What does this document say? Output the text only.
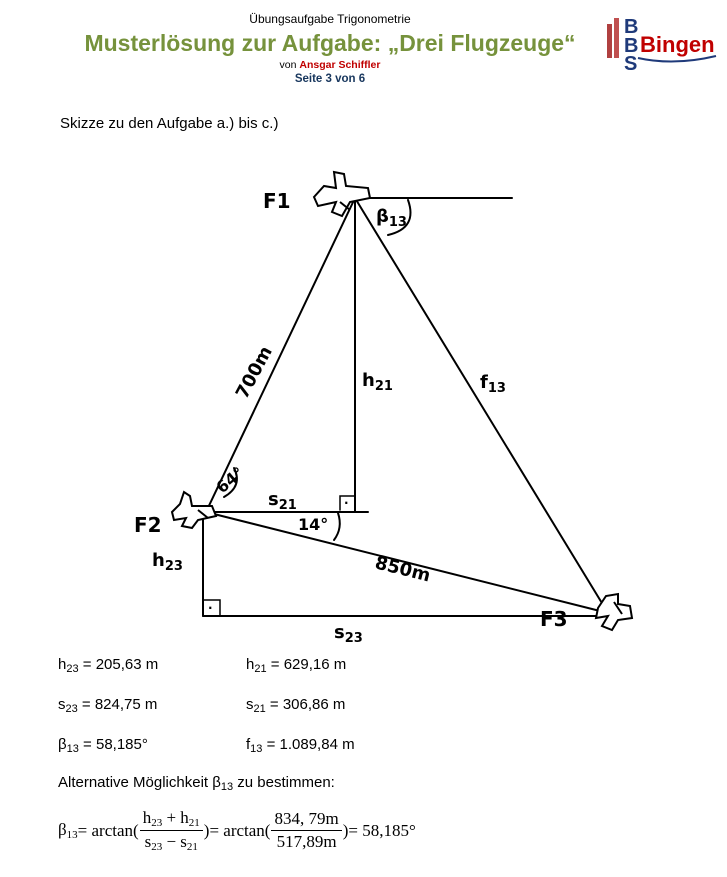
Übungsaufgabe Trigonometrie
Musterlösung zur Aufgabe: „Drei Flugzeuge“
von Ansgar Schiffler
Seite 3 von 6
B
B
S
Bingen
Skizze zu den Aufgabe a.) bis c.)
F1
F2
F3
700m
850m
$h_{21}$	$f_{13}$
$s_{21}$
$h_{23}$
$s_{23}$
64°
14°
$\beta_{13}$
·
·
$h_{23} = 205,63$ m	$h_{21} = 629,16$ m
$s_{23} = 824,75$ m	$s_{21} = 306,86$ m
$\beta_{13} = 58,185^\circ$	$f_{13} = 1.089,84$ m
Alternative Möglichkeit $\beta_{13}$ zu bestimmen:
$\beta_{13} = \arctan( \frac{h_{23} + h_{21}}{s_{23} - s_{21}}$ ) = $\arctan( \frac{834, 79m}{517,89m}$ ) = 58,185°
